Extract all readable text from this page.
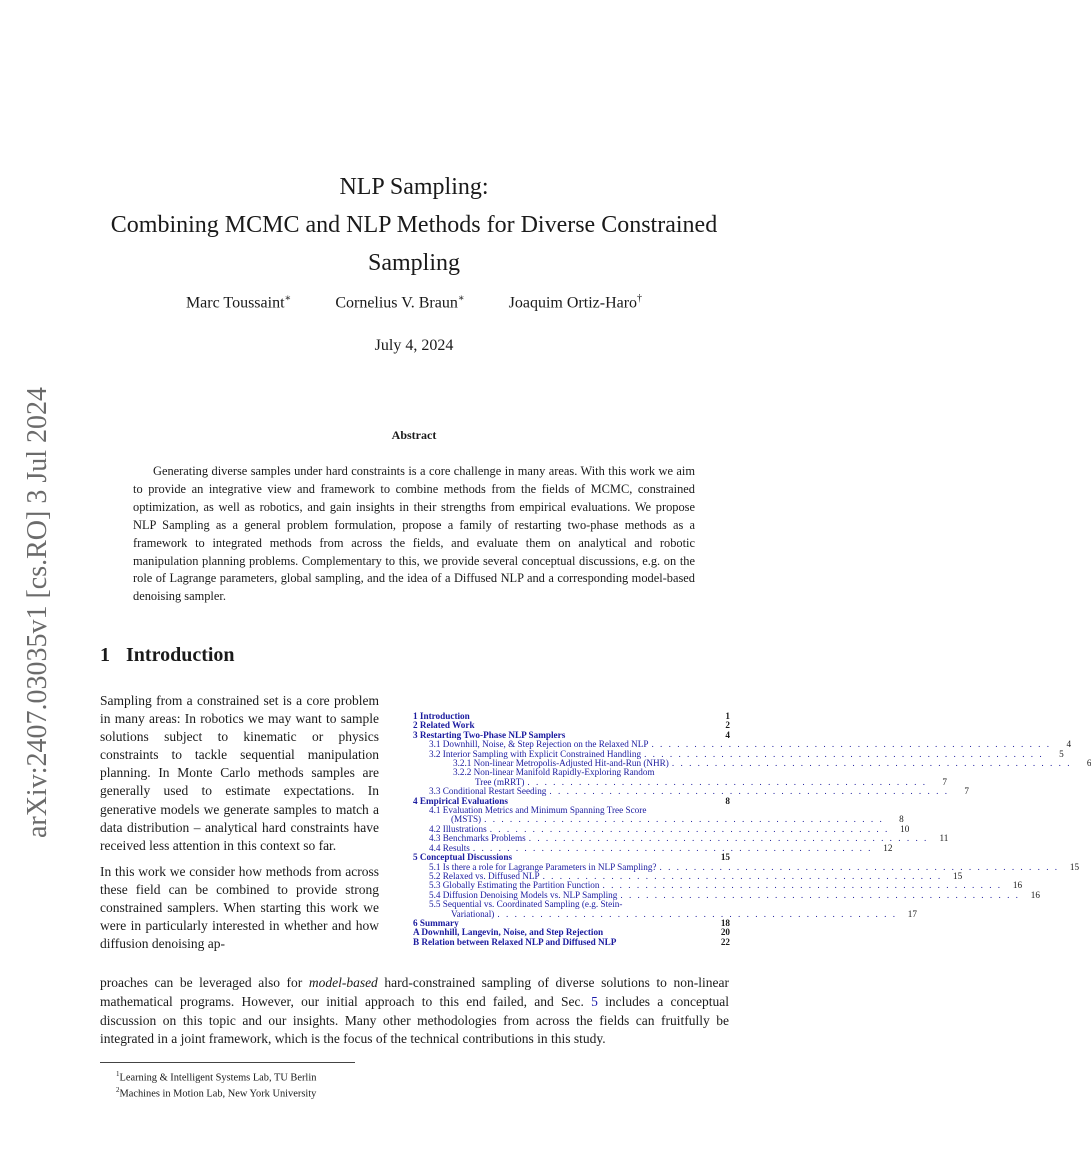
arXiv:2407.03035v1 [cs.RO] 3 Jul 2024
NLP Sampling:
Combining MCMC and NLP Methods for Diverse Constrained
Sampling
Marc Toussaint∗	Cornelius V. Braun∗	Joaquim Ortiz-Haro†
July 4, 2024
Abstract
Generating diverse samples under hard constraints is a core challenge in many areas. With this work we aim to provide an integrative view and framework to combine methods from the fields of MCMC, constrained optimization, as well as robotics, and gain insights in their strengths from empirical evaluations. We propose NLP Sampling as a general problem formulation, propose a family of restarting two-phase methods as a framework to integrated methods from across the fields, and evaluate them on analytical and robotic manipulation planning problems. Complementary to this, we provide several conceptual discussions, e.g. on the role of Lagrange parameters, global sampling, and the idea of a Diffused NLP and a corresponding model-based denoising sampler.
1 Introduction

Sampling from a constrained set is a core problem in many areas: In robotics we may want to sample solutions subject to kinematic or physics constraints to tackle sequential manipulation planning. In Monte Carlo methods samples are generally used to estimate expectations. In generative models we generate samples to match a data distribution – analytical hard constraints have received less attention in this context so far.

In this work we consider how methods from across these field can be combined to provide strong constrained samplers. When starting this work we were in particularly interested in whether and how diffusion denoising ap-

1 Introduction	1
2 Related Work	2
3 Restarting Two-Phase NLP Samplers	4
3.1 Downhill, Noise, & Step Rejection on the Relaxed NLP . . . . . . . . . . . . . . . . . . . . . . . . . . . . . . . . . . . . . . . . . . . . . . .	4
3.2 Interior Sampling with Explicit Constrained Handling . . . . . . . . . . . . . . . . . . . . . . . . . . . . . . . . . . . . . . . . . . . . . . .	5
3.2.1 Non-linear Metropolis-Adjusted Hit-and-Run (NHR) . . . . . . . . . . . . . . . . . . . . . . . . . . . . . . . . . . . . . . . . . . . . . . .	6
3.2.2 Non-linear Manifold Rapidly-Exploring Random
Tree (mRRT) . . . . . . . . . . . . . . . . . . . . . . . . . . . . . . . . . . . . . . . . . . . . . . .	7
3.3 Conditional Restart Seeding . . . . . . . . . . . . . . . . . . . . . . . . . . . . . . . . . . . . . . . . . . . . . . .	7
4 Empirical Evaluations	8
4.1 Evaluation Metrics and Minimum Spanning Tree Score
(MSTS) . . . . . . . . . . . . . . . . . . . . . . . . . . . . . . . . . . . . . . . . . . . . . . .	8
4.2 Illustrations . . . . . . . . . . . . . . . . . . . . . . . . . . . . . . . . . . . . . . . . . . . . . . .	10
4.3 Benchmarks Problems . . . . . . . . . . . . . . . . . . . . . . . . . . . . . . . . . . . . . . . . . . . . . . .	11
4.4 Results . . . . . . . . . . . . . . . . . . . . . . . . . . . . . . . . . . . . . . . . . . . . . . .	12
5 Conceptual Discussions	15
5.1 Is there a role for Lagrange Parameters in NLP Sampling? . . . . . . . . . . . . . . . . . . . . . . . . . . . . . . . . . . . . . . . . . . . . . . .	15
5.2 Relaxed vs. Diffused NLP . . . . . . . . . . . . . . . . . . . . . . . . . . . . . . . . . . . . . . . . . . . . . . .	15
5.3 Globally Estimating the Partition Function . . . . . . . . . . . . . . . . . . . . . . . . . . . . . . . . . . . . . . . . . . . . . . .	16
5.4 Diffusion Denoising Models vs. NLP Sampling . . . . . . . . . . . . . . . . . . . . . . . . . . . . . . . . . . . . . . . . . . . . . . .	16
5.5 Sequential vs. Coordinated Sampling (e.g. Stein-
Variational) . . . . . . . . . . . . . . . . . . . . . . . . . . . . . . . . . . . . . . . . . . . . . . .	17
6 Summary	18
A Downhill, Langevin, Noise, and Step Rejection	20
B Relation between Relaxed NLP and Diffused NLP	22
proaches can be leveraged also for model-based hard-constrained sampling of diverse solutions to non-linear mathematical programs. However, our initial approach to this end failed, and Sec. 5 includes a conceptual discussion on this topic and our insights. Many other methodologies from across the fields can fruitfully be integrated in a joint framework, which is the focus of the technical contributions in this study.
$^1$Learning & Intelligent Systems Lab, TU Berlin
$^2$Machines in Motion Lab, New York University
